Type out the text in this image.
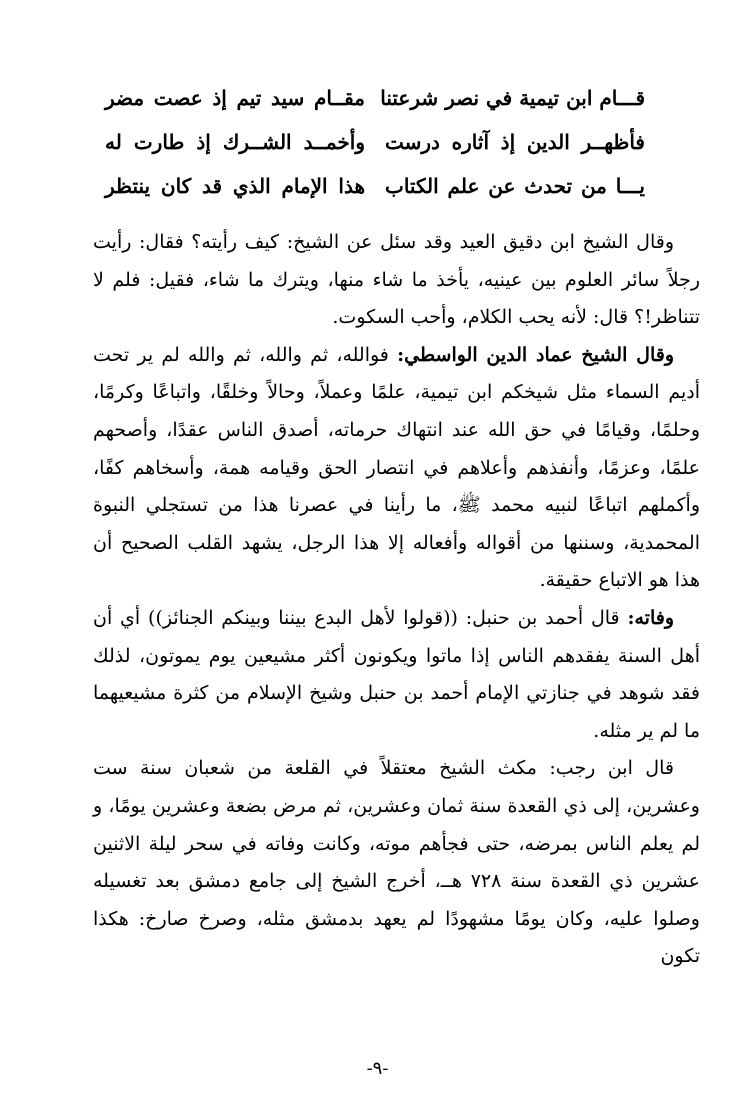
قـــام ابن تيمية في نصر شرعتنا
مقــام سيد تيم إذ عصت مضر
فأظهــر الدين إذ آثاره درست
وأخمــد الشــرك إذ طارت له
يـــا من تحدث عن علم الكتاب
هذا الإمام الذي قد كان ينتظر

وقال الشيخ ابن دقيق العيد وقد سئل عن الشيخ: كيف رأيته؟ فقال: رأيت رجلاً سائر العلوم بين عينيه، يأخذ ما شاء منها، ويترك ما شاء، فقيل: فلم لا تتناظر!؟ قال: لأنه يحب الكلام، وأحب السكوت.

وقال الشيخ عماد الدين الواسطي: فوالله، ثم والله، ثم والله لم ير تحت أديم السماء مثل شيخكم ابن تيمية، علمًا وعملاً، وحالاً وخلقًا، واتباعًا وكرمًا، وحلمًا، وقيامًا في حق الله عند انتهاك حرماته، أصدق الناس عقدًا، وأصحهم علمًا، وعزمًا، وأنفذهم وأعلاهم في انتصار الحق وقيامه همة، وأسخاهم كفًا، وأكملهم اتباعًا لنبيه محمد ﷺ، ما رأينا في عصرنا هذا من تستجلي النبوة المحمدية، وسننها من أقواله وأفعاله إلا هذا الرجل، يشهد القلب الصحيح أن هذا هو الاتباع حقيقة.

وفاته: قال أحمد بن حنبل: ((قولوا لأهل البدع بيننا وبينكم الجنائز)) أي أن أهل السنة يفقدهم الناس إذا ماتوا ويكونون أكثر مشيعين يوم يموتون، لذلك فقد شوهد في جنازتي الإمام أحمد بن حنبل وشيخ الإسلام من كثرة مشيعيهما ما لم ير مثله.

قال ابن رجب: مكث الشيخ معتقلاً في القلعة من شعبان سنة ست وعشرين، إلى ذي القعدة سنة ثمان وعشرين، ثم مرض بضعة وعشرين يومًا، و لم يعلم الناس بمرضه، حتى فجأهم موته، وكانت وفاته في سحر ليلة الاثنين عشرين ذي القعدة سنة ٧٢٨ هــ، أخرج الشيخ إلى جامع دمشق بعد تغسيله وصلوا عليه، وكان يومًا مشهودًا لم يعهد بدمشق مثله، وصرخ صارخ: هكذا تكون

-٩-
